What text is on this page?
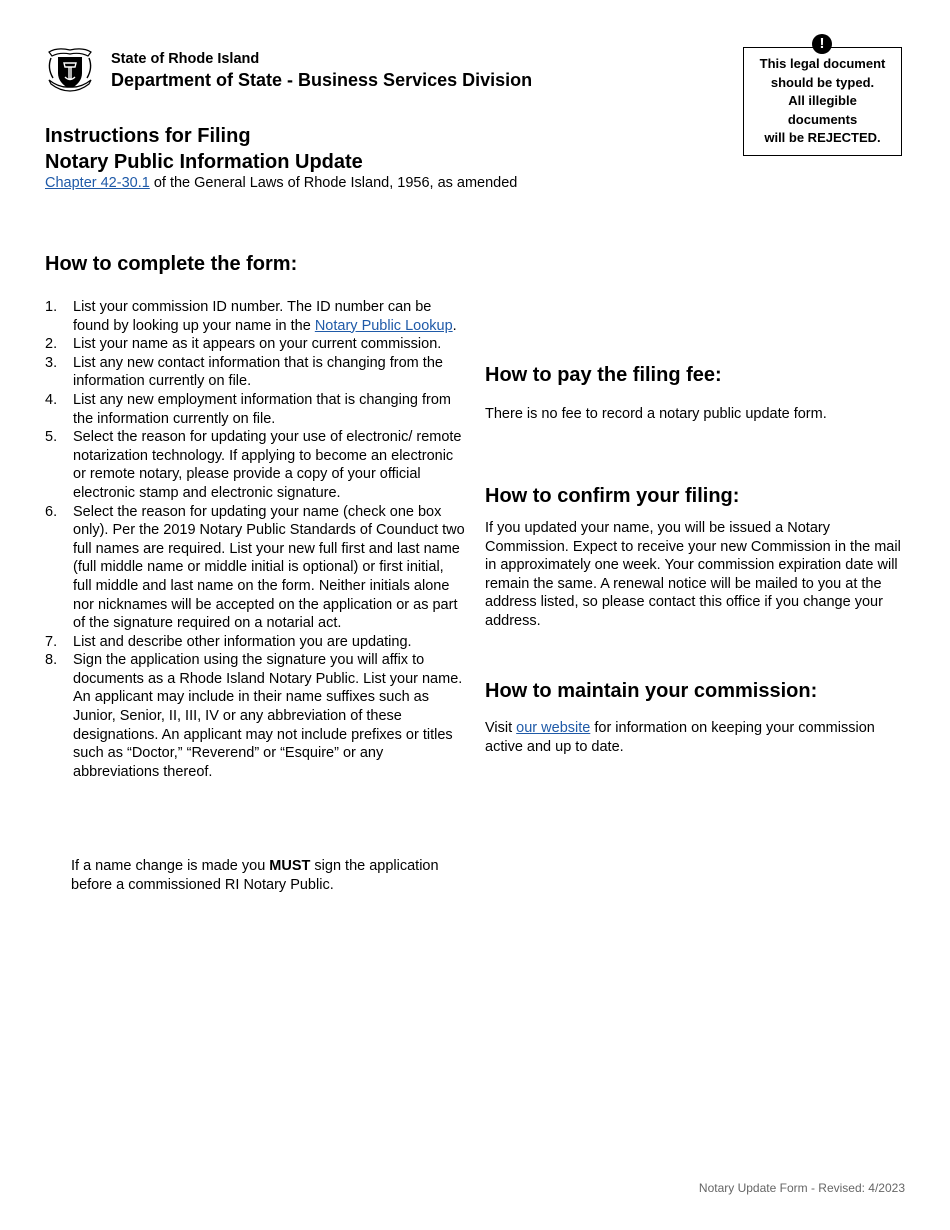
State of Rhode Island
Department of State - Business Services Division
This legal document
should be typed.
All illegible
documents
will be REJECTED.
!
Instructions for Filing
Notary Public Information Update
Chapter 42-30.1 of the General Laws of Rhode Island, 1956, as amended
How to complete the form:
1. List your commission ID number. The ID number can be found by looking up your name in the Notary Public Lookup.
2. List your name as it appears on your current commission.
3. List any new contact information that is changing from the information currently on file.
4. List any new employment information that is changing from the information currently on file.
5. Select the reason for updating your use of electronic/ remote notarization technology. If applying to become an electronic or remote notary, please provide a copy of your official electronic stamp and electronic signature.
6. Select the reason for updating your name (check one box only). Per the 2019 Notary Public Standards of Counduct two full names are required. List your new full first and last name (full middle name or middle initial is optional) or first initial, full middle and last name on the form. Neither initials alone nor nicknames will be accepted on the application or as part of the signature required on a notarial act.
7. List and describe other information you are updating.
8. Sign the application using the signature you will affix to documents as a Rhode Island Notary Public. List your name. An applicant may include in their name suffixes such as Junior, Senior, II, III, IV or any abbreviation of these designations. An applicant may not include prefixes or titles such as “Doctor,” “Reverend” or “Esquire” or any abbreviations thereof.
If a name change is made you MUST sign the application before a commissioned RI Notary Public.
How to pay the filing fee:

There is no fee to record a notary public update form.

How to confirm your filing:

If you updated your name, you will be issued a Notary Commission. Expect to receive your new Commission in the mail in approximately one week. Your commission expiration date will remain the same. A renewal notice will be mailed to you at the address listed, so please contact this office if you change your address.

How to maintain your commission:

Visit our website for information on keeping your commission active and up to date.

Notary Update Form - Revised: 4/2023
